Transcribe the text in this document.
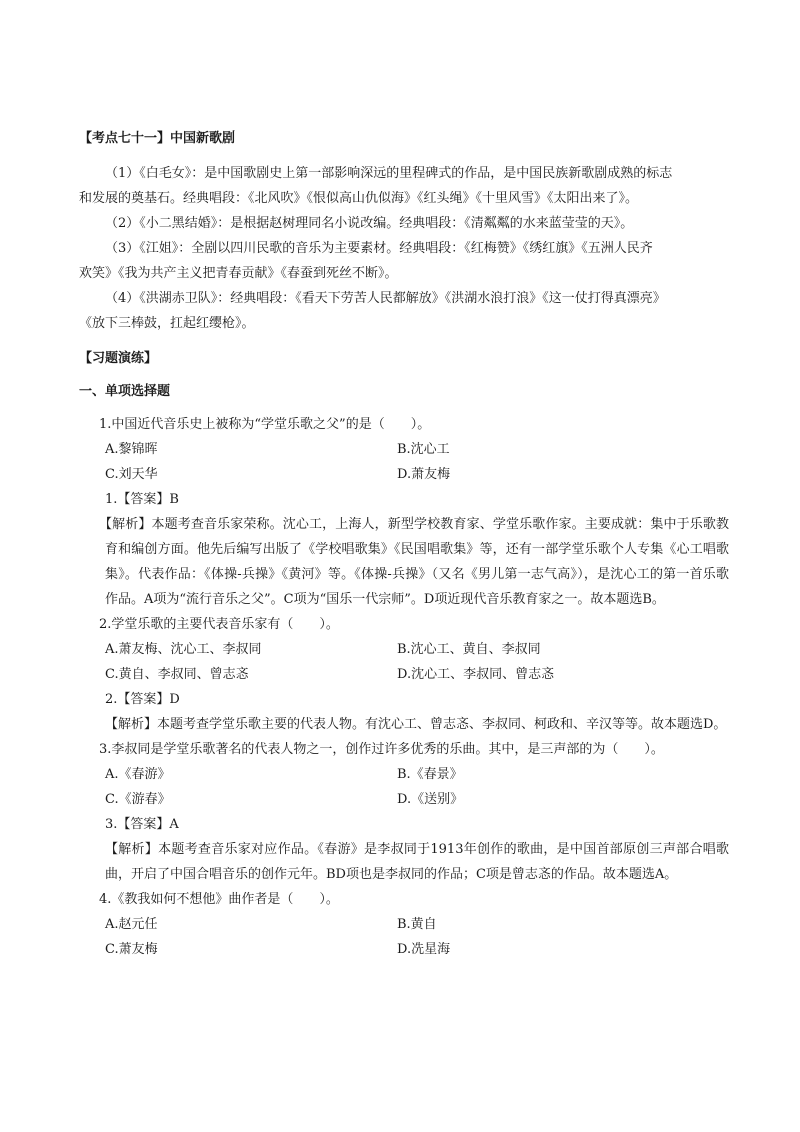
【考点七十一】中国新歌剧
（1）《白毛女》：是中国歌剧史上第一部影响深远的里程碑式的作品，是中国民族新歌剧成熟的标志
和发展的奠基石。经典唱段：《北风吹》《恨似高山仇似海》《红头绳》《十里风雪》《太阳出来了》。
（2）《小二黑结婚》：是根据赵树理同名小说改编。经典唱段：《清粼粼的水来蓝莹莹的天》。
（3）《江姐》：全剧以四川民歌的音乐为主要素材。经典唱段：《红梅赞》《绣红旗》《五洲人民齐
欢笑》《我为共产主义把青春贡献》《春蚕到死丝不断》。
（4）《洪湖赤卫队》：经典唱段：《看天下劳苦人民都解放》《洪湖水浪打浪》《这一仗打得真漂亮》
《放下三棒鼓，扛起红缨枪》。
【习题演练】
一、单项选择题
1.中国近代音乐史上被称为“学堂乐歌之父”的是（　　）。
A.黎锦晖	B.沈心工
C.刘天华	D.萧友梅
1.【答案】B
【解析】本题考查音乐家荣称。沈心工，上海人，新型学校教育家、学堂乐歌作家。主要成就：集中于乐歌教育和编创方面。他先后编写出版了《学校唱歌集》《民国唱歌集》等，还有一部学堂乐歌个人专集《心工唱歌集》。代表作品：《体操-兵操》《黄河》等。《体操-兵操》（又名《男儿第一志气高》），是沈心工的第一首乐歌作品。A项为“流行音乐之父”。C项为“国乐一代宗师”。D项近现代音乐教育家之一。故本题选B。
2.学堂乐歌的主要代表音乐家有（　　）。
A.萧友梅、沈心工、李叔同	B.沈心工、黄自、李叔同
C.黄自、李叔同、曾志忞	D.沈心工、李叔同、曾志忞
2.【答案】D
【解析】本题考查学堂乐歌主要的代表人物。有沈心工、曾志忞、李叔同、柯政和、辛汉等等。故本题选D。
3.李叔同是学堂乐歌著名的代表人物之一，创作过许多优秀的乐曲。其中，是三声部的为（　　）。
A.《春游》	B.《春景》
C.《游春》	D.《送别》
3.【答案】A
【解析】本题考查音乐家对应作品。《春游》是李叔同于1913年创作的歌曲，是中国首部原创三声部合唱歌曲，开启了中国合唱音乐的创作元年。BD项也是李叔同的作品；C项是曾志忞的作品。故本题选A。
4.《教我如何不想他》曲作者是（　　）。
A.赵元任	B.黄自
C.萧友梅	D.冼星海
